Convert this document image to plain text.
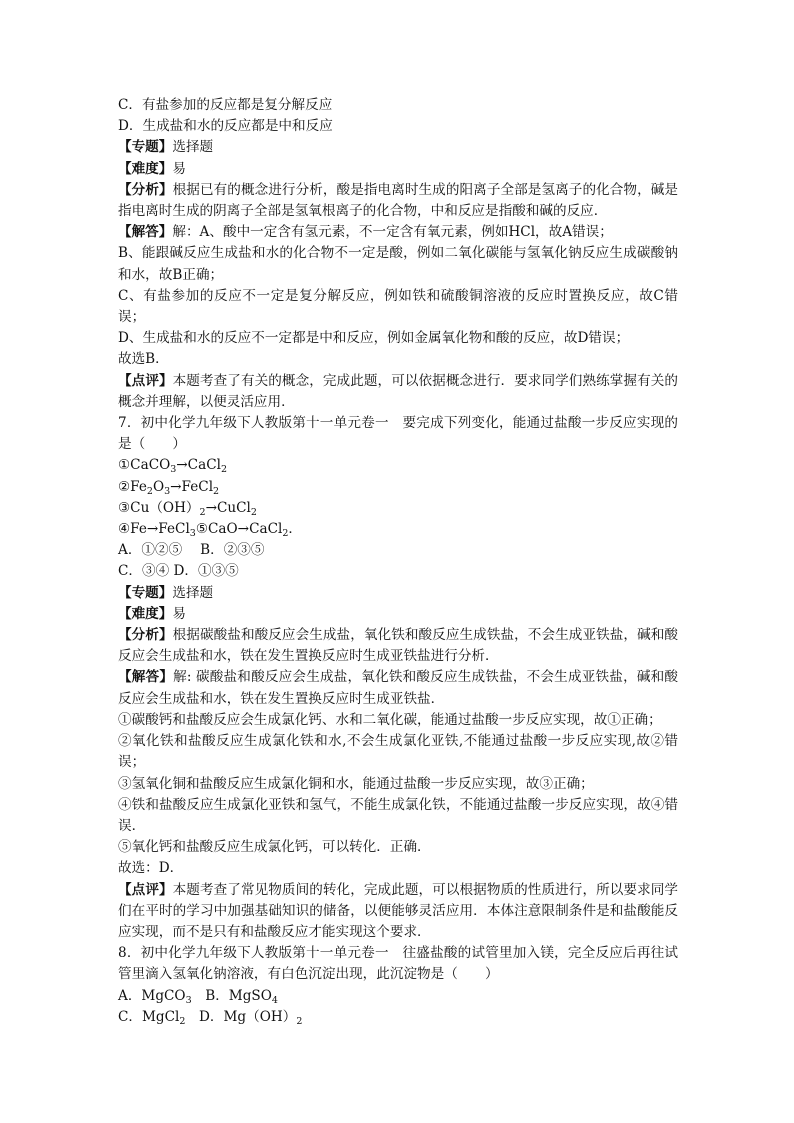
C．有盐参加的反应都是复分解反应
D．生成盐和水的反应都是中和反应
【专题】选择题
【难度】易
【分析】根据已有的概念进行分析，酸是指电离时生成的阳离子全部是氢离子的化合物，碱是指电离时生成的阴离子全部是氢氧根离子的化合物，中和反应是指酸和碱的反应．
【解答】解：A、酸中一定含有氢元素，不一定含有氧元素，例如HCl，故A错误；
B、能跟碱反应生成盐和水的化合物不一定是酸，例如二氧化碳能与氢氧化钠反应生成碳酸钠和水，故B正确；
C、有盐参加的反应不一定是复分解反应，例如铁和硫酸铜溶液的反应时置换反应，故C错误；
D、生成盐和水的反应不一定都是中和反应，例如金属氧化物和酸的反应，故D错误；
故选B．
【点评】本题考查了有关的概念，完成此题，可以依据概念进行．要求同学们熟练掌握有关的概念并理解，以便灵活应用．
7．初中化学九年级下人教版第十一单元卷一　要完成下列变化，能通过盐酸一步反应实现的是（　　）
①CaCO$_3$→CaCl$_2$
$②Fe_2O_3\to FeCl_2$
$③Cu(OH)_2\to CuCl_2$
④Fe→FeCl$_3$⑤CaO→CaCl$_2$．
A．①②⑤　 B．②③⑤
C．③④ D．①③⑤
【专题】选择题
【难度】易
【分析】根据碳酸盐和酸反应会生成盐，氧化铁和酸反应生成铁盐，不会生成亚铁盐，碱和酸反应会生成盐和水，铁在发生置换反应时生成亚铁盐进行分析．
【解答】解: 碳酸盐和酸反应会生成盐，氧化铁和酸反应生成铁盐，不会生成亚铁盐，碱和酸反应会生成盐和水，铁在发生置换反应时生成亚铁盐．
①碳酸钙和盐酸反应会生成氯化钙、水和二氧化碳，能通过盐酸一步反应实现，故①正确；
②氧化铁和盐酸反应生成氯化铁和水,不会生成氯化亚铁,不能通过盐酸一步反应实现,故②错误；
③氢氧化铜和盐酸反应生成氯化铜和水，能通过盐酸一步反应实现，故③正确；
④铁和盐酸反应生成氯化亚铁和氢气，不能生成氯化铁，不能通过盐酸一步反应实现，故④错误．
⑤氧化钙和盐酸反应生成氯化钙，可以转化．正确．
故选：D．
【点评】本题考查了常见物质间的转化，完成此题，可以根据物质的性质进行，所以要求同学们在平时的学习中加强基础知识的储备，以便能够灵活应用．本体注意限制条件是和盐酸能反应实现，而不是只有和盐酸反应才能实现这个要求．
8．初中化学九年级下人教版第十一单元卷一　往盛盐酸的试管里加入镁，完全反应后再往试管里滴入氢氧化钠溶液，有白色沉淀出现，此沉淀物是（　　）
A．MgCO$_3$　B．MgSO$_4$
C．MgCl$_2$　D．$Mg(OH)_2$
